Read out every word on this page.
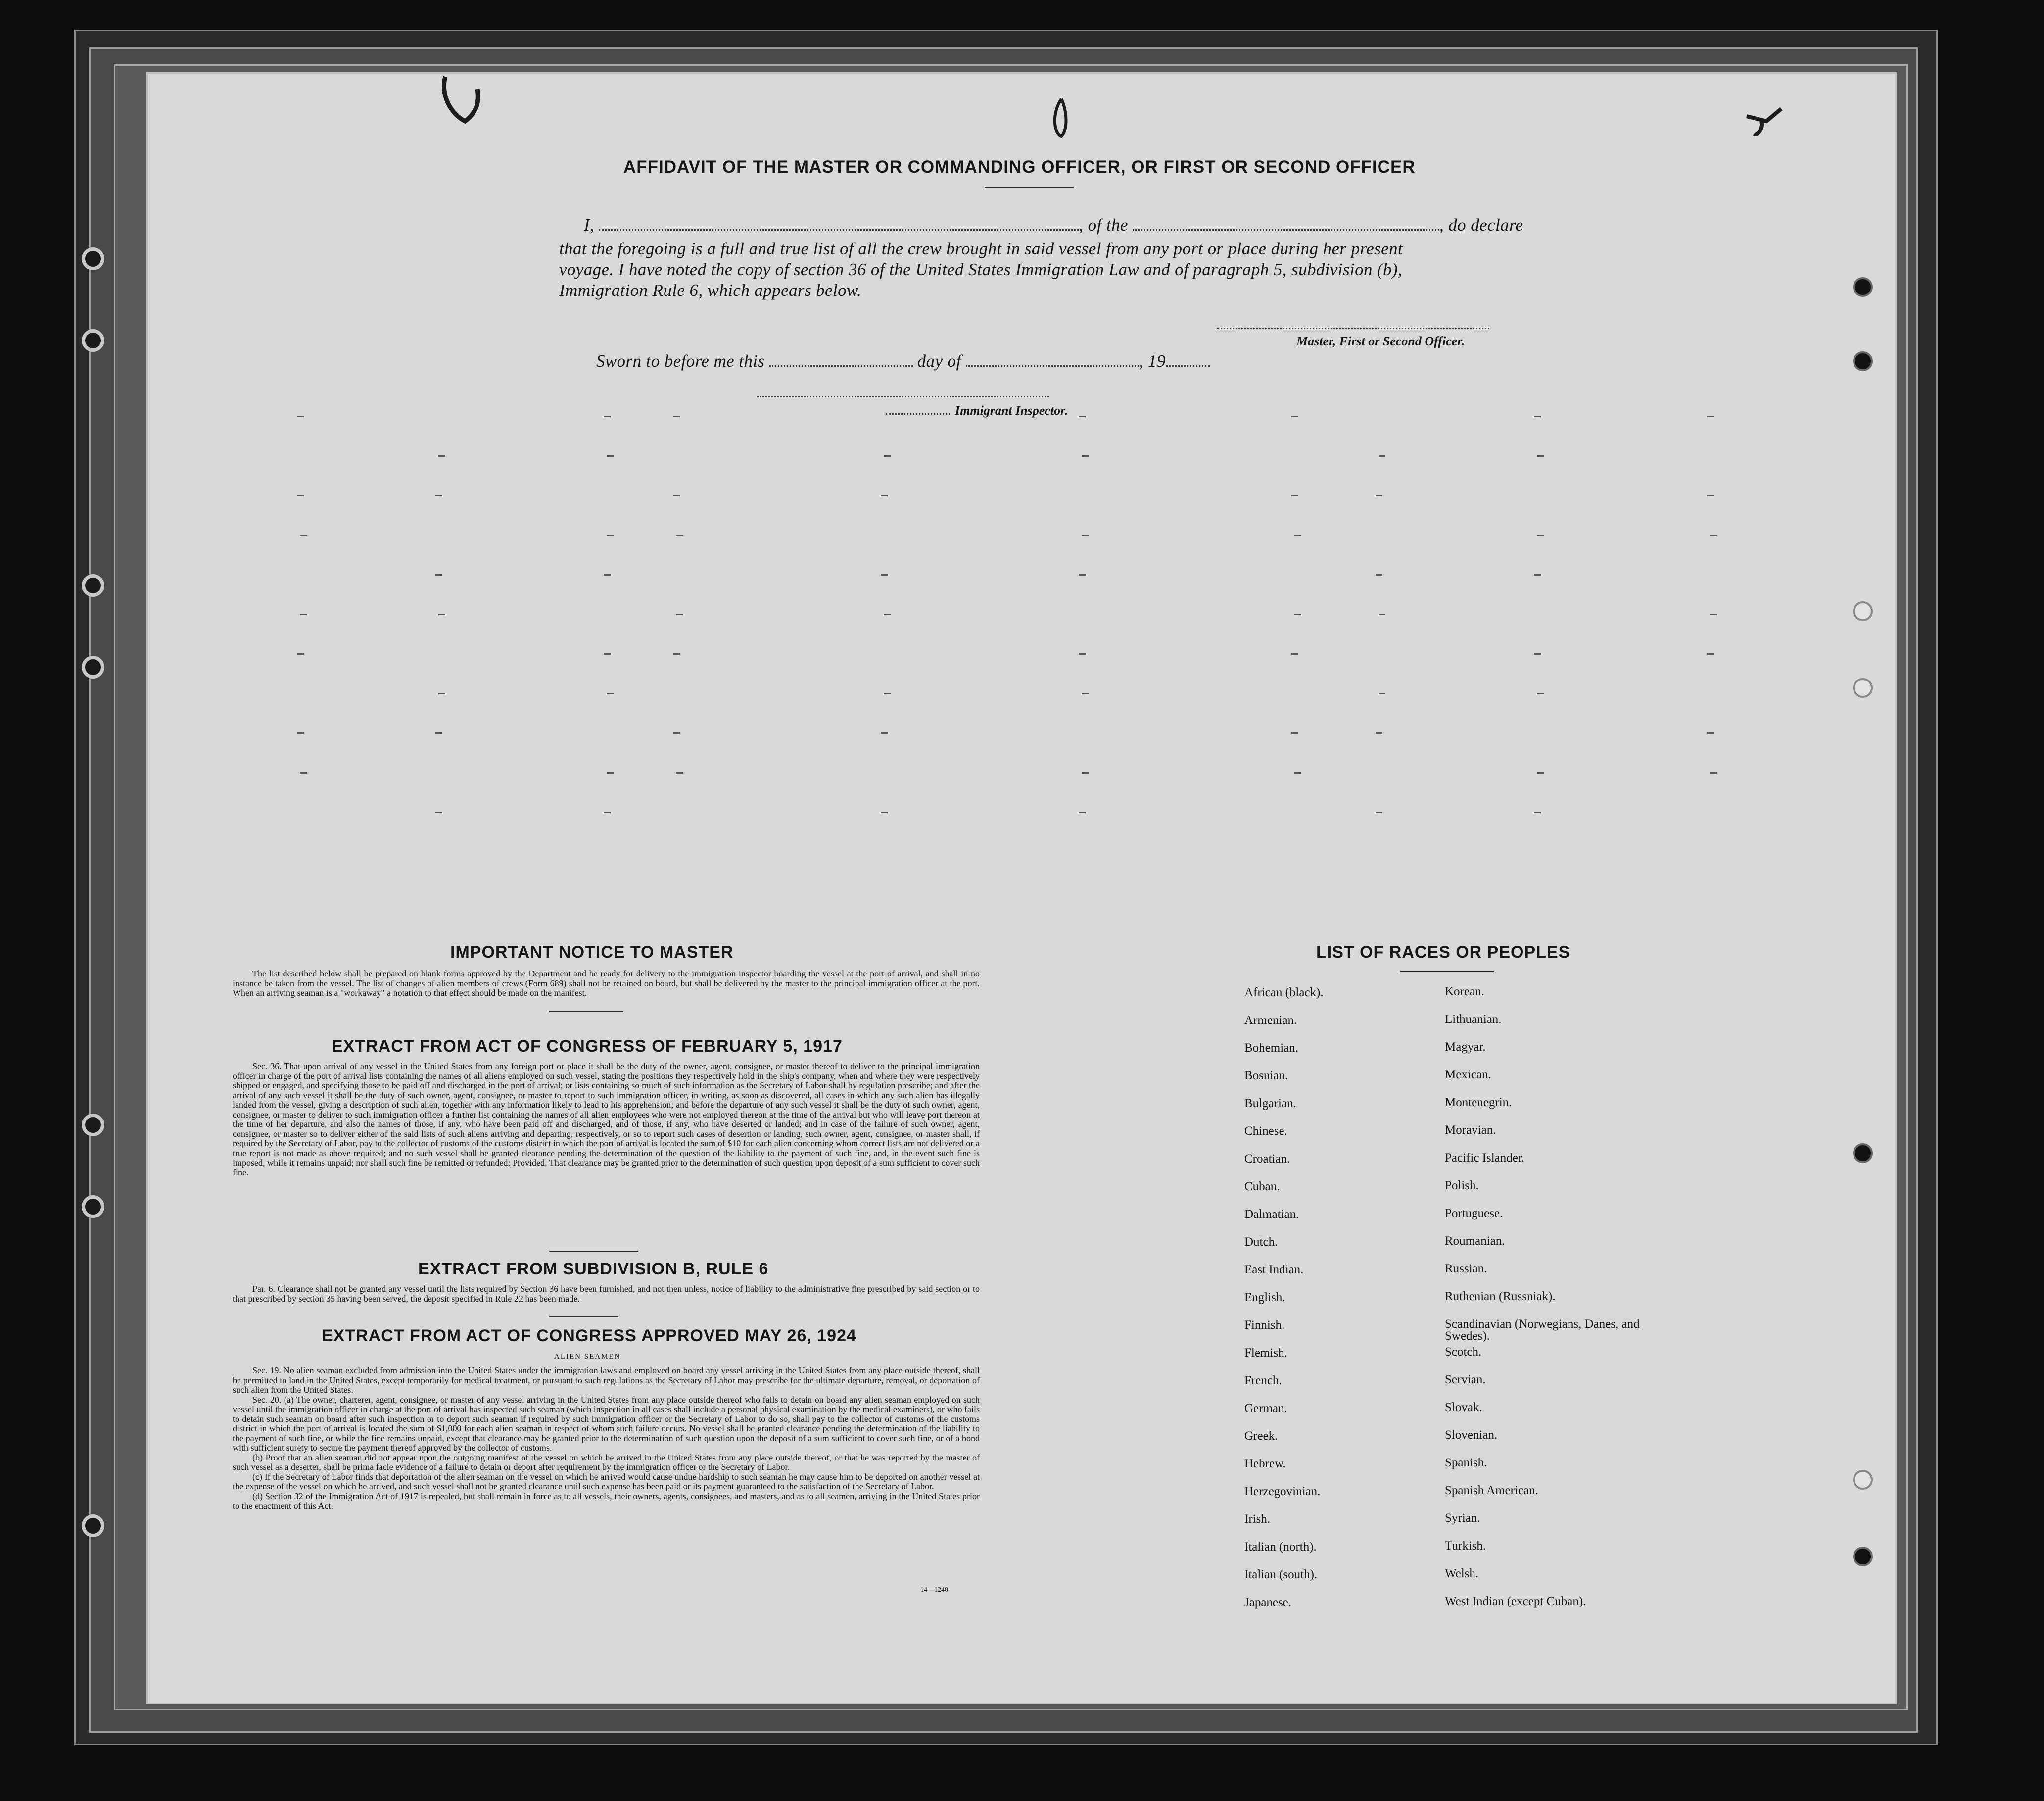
AFFIDAVIT OF THE MASTER OR COMMANDING OFFICER, OR FIRST OR SECOND OFFICER
I,	, of the	, do declare
that the foregoing is a full and true list of all the crew brought in said vessel from any port or place during her present
voyage. I have noted the copy of section 36 of the United States Immigration Law and of paragraph 5, subdivision (b),
Immigration Rule 6, which appears below.
Master, First or Second Officer.
Sworn to before me this	day of	, 19
Immigrant Inspector.
IMPORTANT NOTICE TO MASTER
The list described below shall be prepared on blank forms approved by the Department and be ready for delivery to the immigration inspector boarding the vessel at the port of arrival, and shall in no instance be taken from the vessel. The list of changes of alien members of crews (Form 689) shall not be retained on board, but shall be delivered by the master to the principal immigration officer at the port. When an arriving seaman is a "workaway" a notation to that effect should be made on the manifest.
EXTRACT FROM ACT OF CONGRESS OF FEBRUARY 5, 1917
Sec. 36. That upon arrival of any vessel in the United States from any foreign port or place it shall be the duty of the owner, agent, consignee, or master thereof to deliver to the principal immigration officer in charge of the port of arrival lists containing the names of all aliens employed on such vessel, stating the positions they respectively hold in the ship's company, when and where they were respectively shipped or engaged, and specifying those to be paid off and discharged in the port of arrival; or lists containing so much of such information as the Secretary of Labor shall by regulation prescribe; and after the arrival of any such vessel it shall be the duty of such owner, agent, consignee, or master to report to such immigration officer, in writing, as soon as discovered, all cases in which any such alien has illegally landed from the vessel, giving a description of such alien, together with any information likely to lead to his apprehension; and before the departure of any such vessel it shall be the duty of such owner, agent, consignee, or master to deliver to such immigration officer a further list containing the names of all alien employees who were not employed thereon at the time of the arrival but who will leave port thereon at the time of her departure, and also the names of those, if any, who have been paid off and discharged, and of those, if any, who have deserted or landed; and in case of the failure of such owner, agent, consignee, or master so to deliver either of the said lists of such aliens arriving and departing, respectively, or so to report such cases of desertion or landing, such owner, agent, consignee, or master shall, if required by the Secretary of Labor, pay to the collector of customs of the customs district in which the port of arrival is located the sum of $10 for each alien concerning whom correct lists are not delivered or a true report is not made as above required; and no such vessel shall be granted clearance pending the determination of the question of the liability to the payment of such fine, and, in the event such fine is imposed, while it remains unpaid; nor shall such fine be remitted or refunded: Provided, That clearance may be granted prior to the determination of such question upon deposit of a sum sufficient to cover such fine.
EXTRACT FROM SUBDIVISION B, RULE 6
Par. 6. Clearance shall not be granted any vessel until the lists required by Section 36 have been furnished, and not then unless, notice of liability to the administrative fine prescribed by said section or to that prescribed by section 35 having been served, the deposit specified in Rule 22 has been made.
EXTRACT FROM ACT OF CONGRESS APPROVED MAY 26, 1924
ALIEN SEAMEN
Sec. 19. No alien seaman excluded from admission into the United States under the immigration laws and employed on board any vessel arriving in the United States from any place outside thereof, shall be permitted to land in the United States, except temporarily for medical treatment, or pursuant to such regulations as the Secretary of Labor may prescribe for the ultimate departure, removal, or deportation of such alien from the United States.
Sec. 20. (a) The owner, charterer, agent, consignee, or master of any vessel arriving in the United States from any place outside thereof who fails to detain on board any alien seaman employed on such vessel until the immigration officer in charge at the port of arrival has inspected such seaman (which inspection in all cases shall include a personal physical examination by the medical examiners), or who fails to detain such seaman on board after such inspection or to deport such seaman if required by such immigration officer or the Secretary of Labor to do so, shall pay to the collector of customs of the customs district in which the port of arrival is located the sum of $1,000 for each alien seaman in respect of whom such failure occurs. No vessel shall be granted clearance pending the determination of the liability to the payment of such fine, or while the fine remains unpaid, except that clearance may be granted prior to the determination of such question upon the deposit of a sum sufficient to cover such fine, or of a bond with sufficient surety to secure the payment thereof approved by the collector of customs.
(b) Proof that an alien seaman did not appear upon the outgoing manifest of the vessel on which he arrived in the United States from any place outside thereof, or that he was reported by the master of such vessel as a deserter, shall be prima facie evidence of a failure to detain or deport after requirement by the immigration officer or the Secretary of Labor.
(c) If the Secretary of Labor finds that deportation of the alien seaman on the vessel on which he arrived would cause undue hardship to such seaman he may cause him to be deported on another vessel at the expense of the vessel on which he arrived, and such vessel shall not be granted clearance until such expense has been paid or its payment guaranteed to the satisfaction of the Secretary of Labor.
(d) Section 32 of the Immigration Act of 1917 is repealed, but shall remain in force as to all vessels, their owners, agents, consignees, and masters, and as to all seamen, arriving in the United States prior to the enactment of this Act.
14—1240
LIST OF RACES OR PEOPLES
African (black).
Armenian.
Bohemian.
Bosnian.
Bulgarian.
Chinese.
Croatian.
Cuban.
Dalmatian.
Dutch.
East Indian.
English.
Finnish.
Flemish.
French.
German.
Greek.
Hebrew.
Herzegovinian.
Irish.
Italian (north).
Italian (south).
Japanese.
Korean.
Lithuanian.
Magyar.
Mexican.
Montenegrin.
Moravian.
Pacific Islander.
Polish.
Portuguese.
Roumanian.
Russian.
Ruthenian (Russniak).
Scandinavian (Norwegians, Danes, and Swedes).
Scotch.
Servian.
Slovak.
Slovenian.
Spanish.
Spanish American.
Syrian.
Turkish.
Welsh.
West Indian (except Cuban).
